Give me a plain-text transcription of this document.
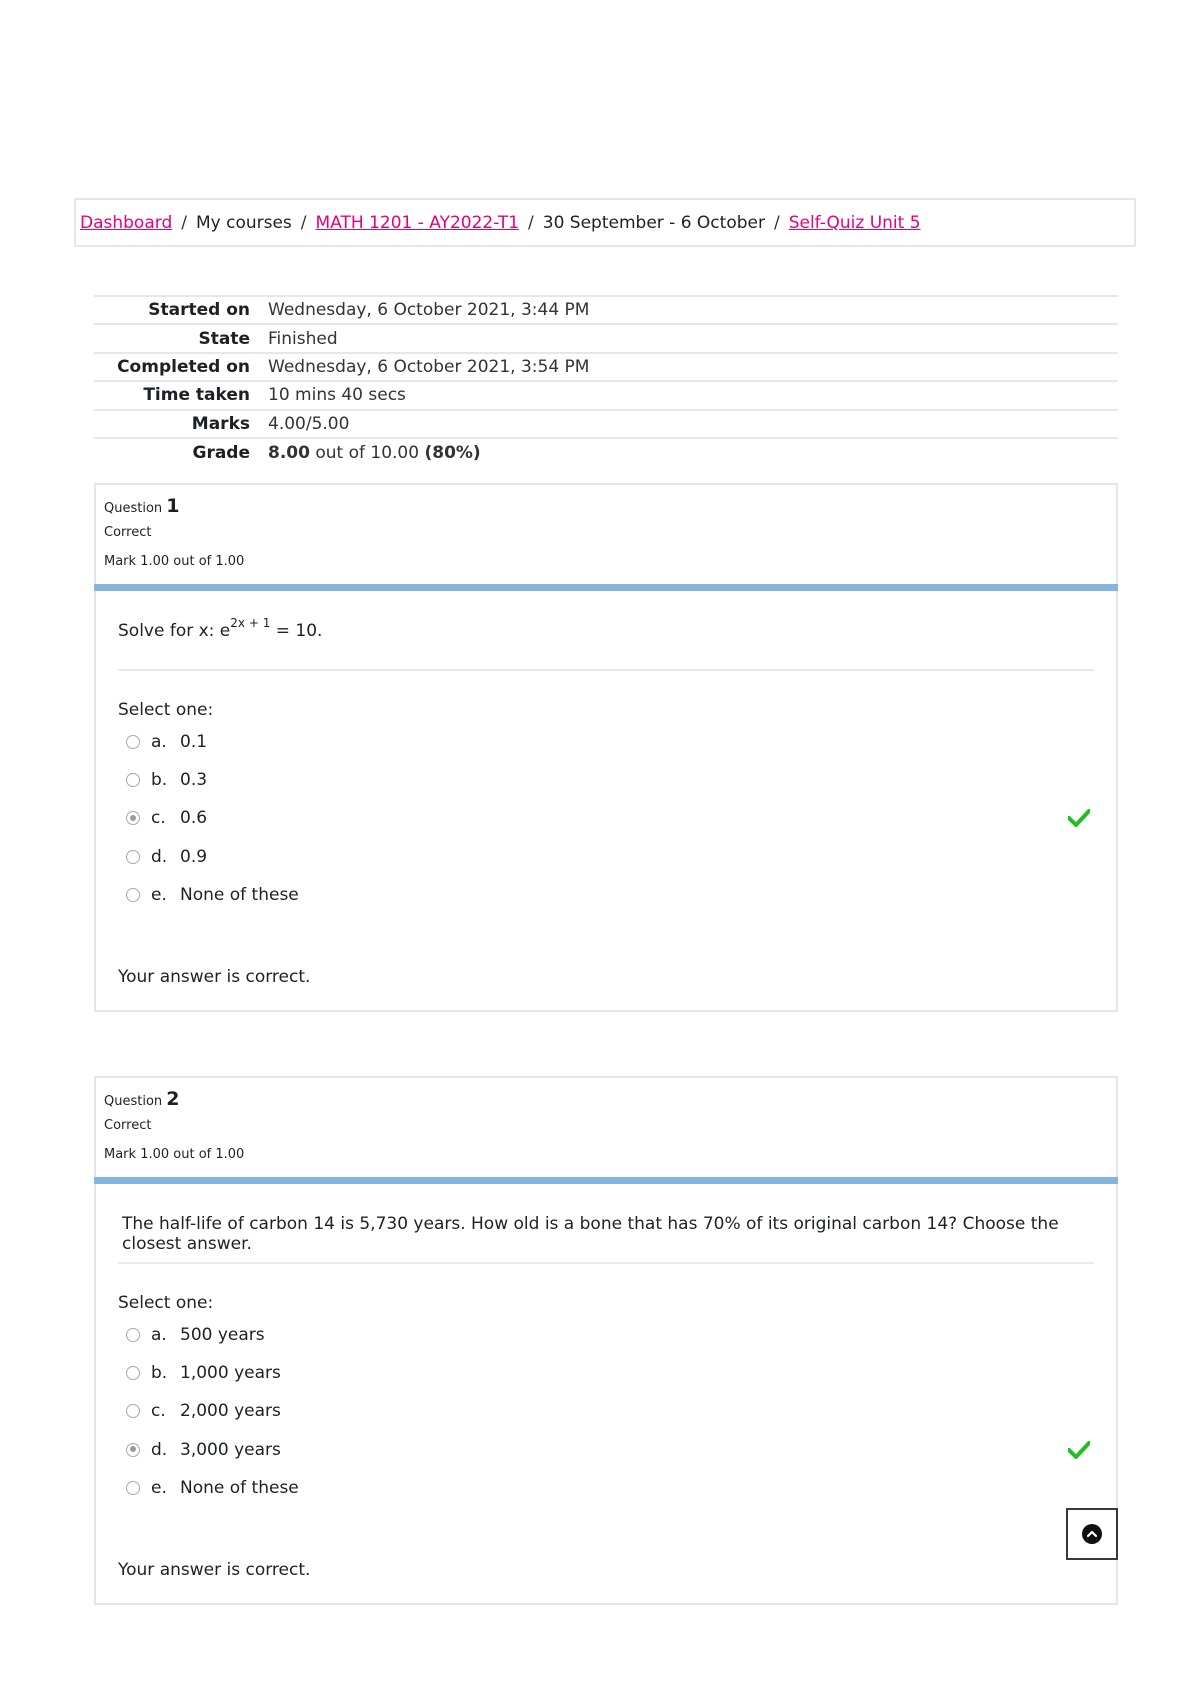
Dashboard / My courses / MATH 1201 - AY2022-T1 / 30 September - 6 October / Self-Quiz Unit 5
Started on	Wednesday, 6 October 2021, 3:44 PM
State	Finished
Completed on	Wednesday, 6 October 2021, 3:54 PM
Time taken	10 mins 40 secs
Marks	4.00/5.00
Grade	8.00 out of 10.00 (80%)
Question 1
Correct
Mark 1.00 out of 1.00
Solve for x: $e^{2x + 1} = 10$.
Select one:
a. 0.1
b. 0.3
c. 0.6
d. 0.9
e. None of these
Your answer is correct.
Question 2
Correct
Mark 1.00 out of 1.00
The half-life of carbon 14 is 5,730 years. How old is a bone that has 70% of its original carbon 14? Choose the closest answer.
Select one:
a. 500 years
b. 1,000 years
c. 2,000 years
d. 3,000 years
e. None of these
Your answer is correct.
